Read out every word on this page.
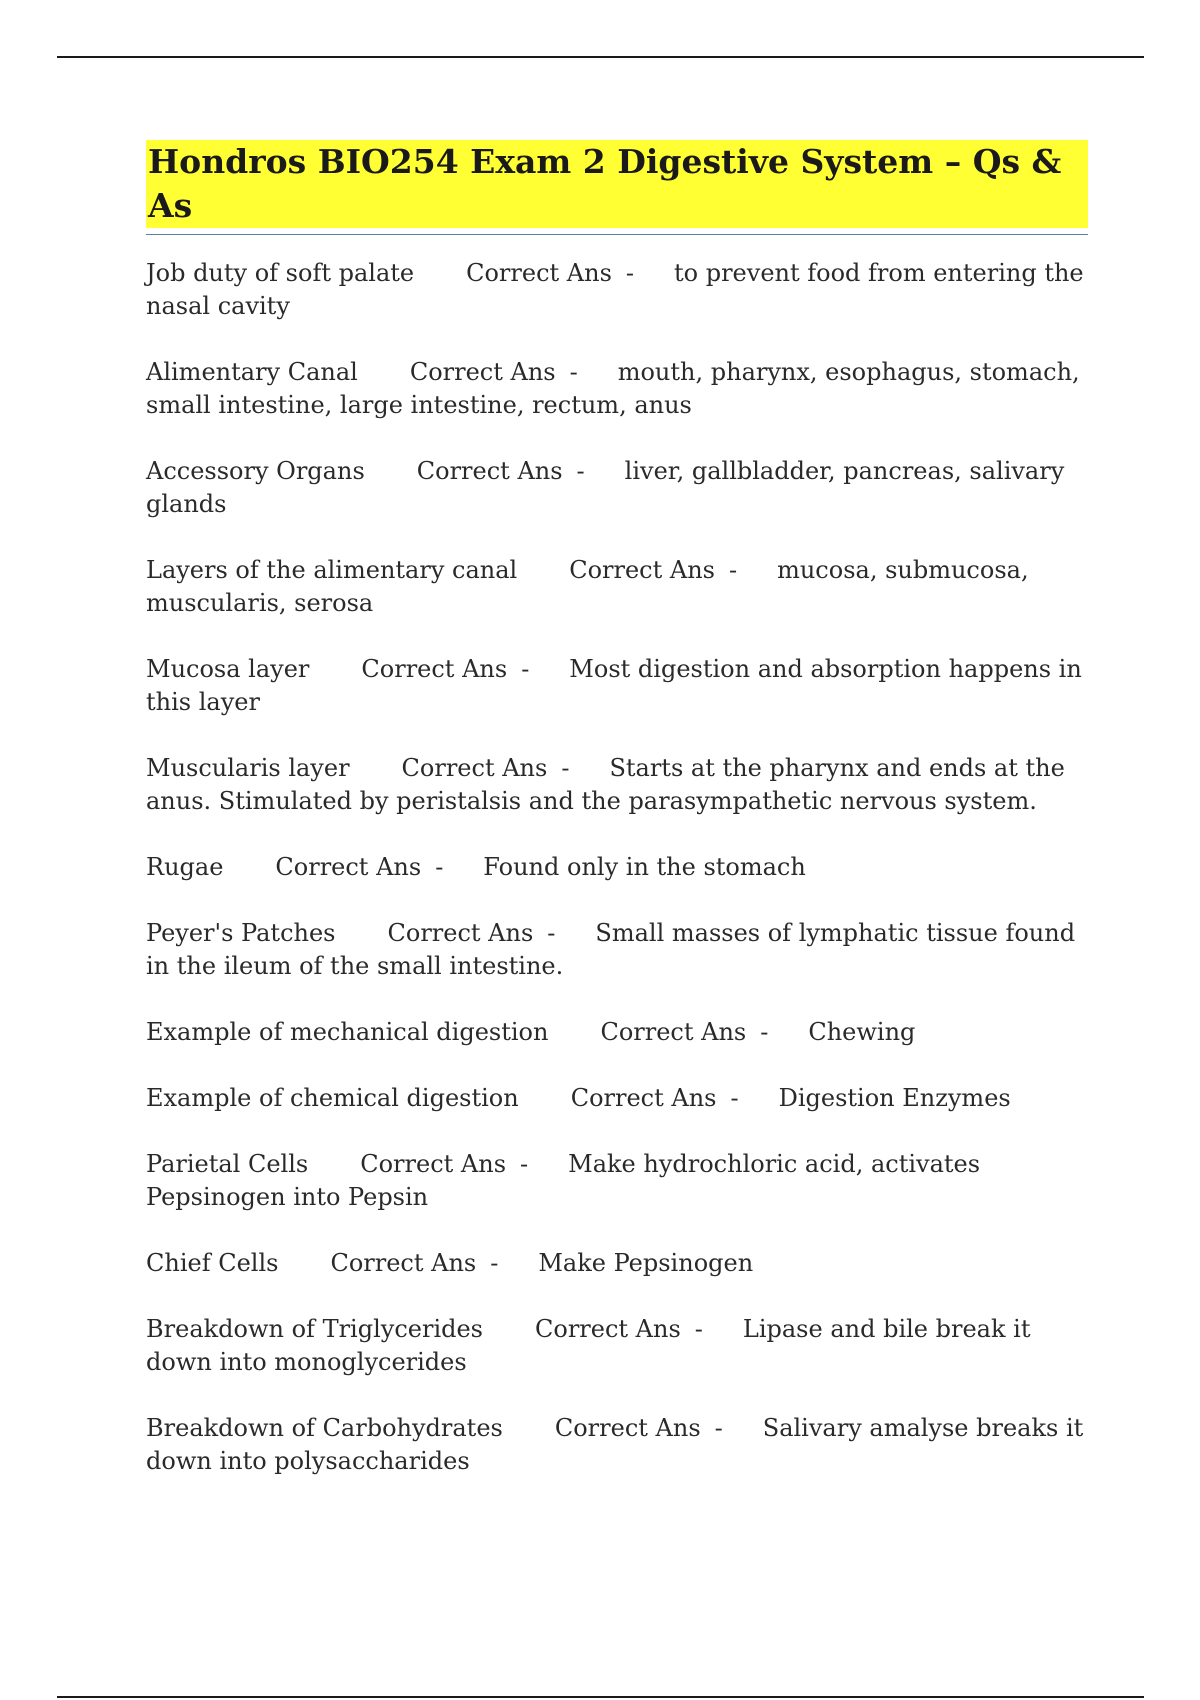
Hondros BIO254 Exam 2 Digestive System – Qs & As
Job duty of soft palate Correct Ans - to prevent food from entering the nasal cavity
Alimentary Canal Correct Ans - mouth, pharynx, esophagus, stomach, small intestine, large intestine, rectum, anus
Accessory Organs Correct Ans - liver, gallbladder, pancreas, salivary glands
Layers of the alimentary canal Correct Ans - mucosa, submucosa, muscularis, serosa
Mucosa layer Correct Ans - Most digestion and absorption happens in this layer
Muscularis layer Correct Ans - Starts at the pharynx and ends at the anus. Stimulated by peristalsis and the parasympathetic nervous system.
Rugae Correct Ans - Found only in the stomach
Peyer's Patches Correct Ans - Small masses of lymphatic tissue found in the ileum of the small intestine.
Example of mechanical digestion Correct Ans - Chewing
Example of chemical digestion Correct Ans - Digestion Enzymes
Parietal Cells Correct Ans - Make hydrochloric acid, activates Pepsinogen into Pepsin
Chief Cells Correct Ans - Make Pepsinogen
Breakdown of Triglycerides Correct Ans - Lipase and bile break it down into monoglycerides
Breakdown of Carbohydrates Correct Ans - Salivary amalyse breaks it down into polysaccharides
